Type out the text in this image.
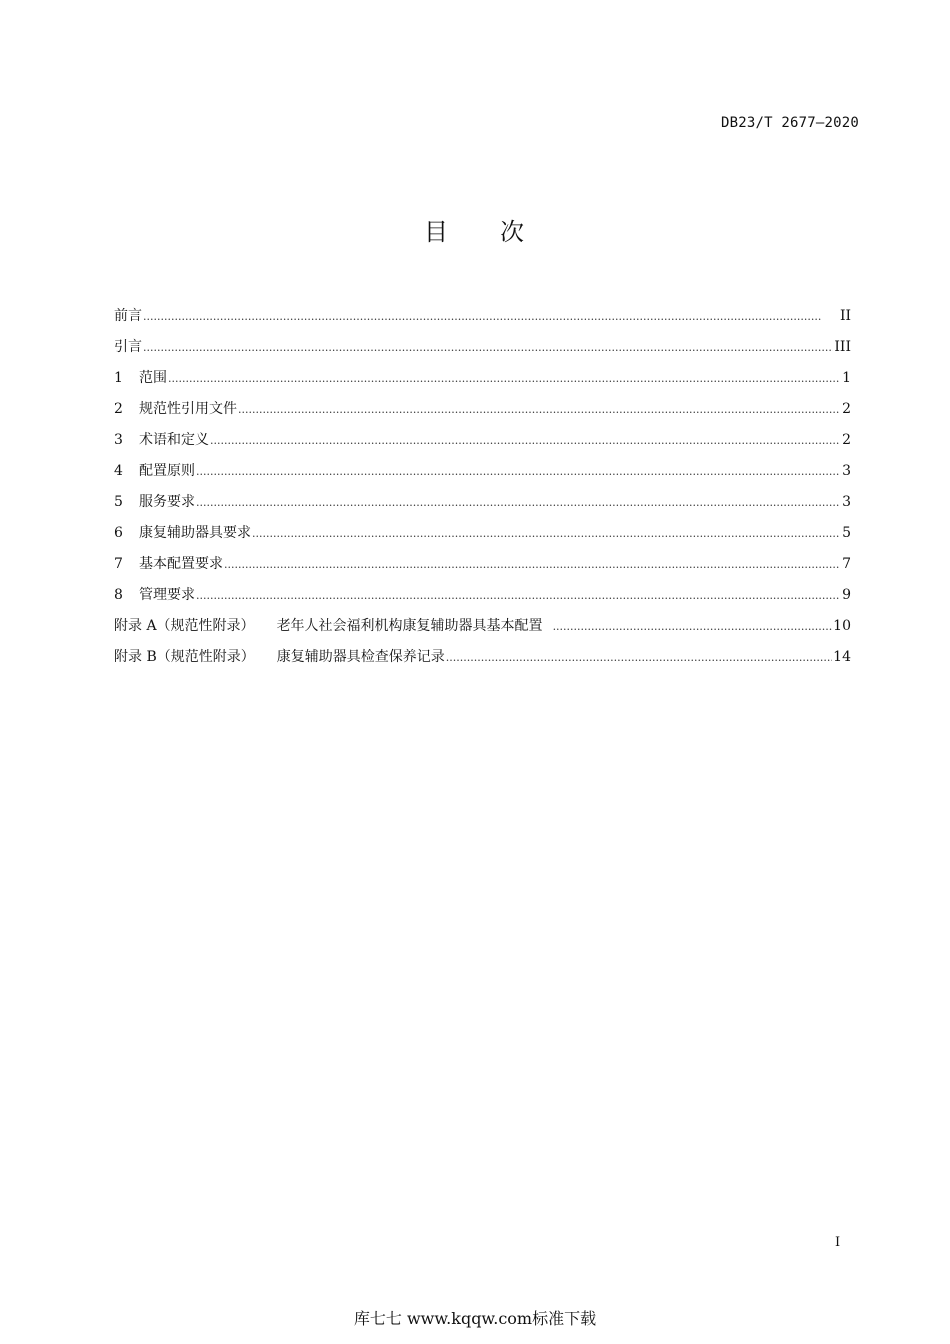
DB23/T 2677—2020
目 次
前言 .....	II
引言 .....	III
1	范围 .....	1
2	规范性引用文件 .....	2
3	术语和定义 .....	2
4	配置原则 .....	3
5	服务要求 .....	3
6	康复辅助器具要求 .....	5
7	基本配置要求 .....	7
8	管理要求 .....	9
附录 A（规范性附录） 老年人社会福利机构康复辅助器具基本配置 .....	10
附录 B（规范性附录） 康复辅助器具检查保养记录 .....	14
I
库七七 www.kqqw.com标准下载
